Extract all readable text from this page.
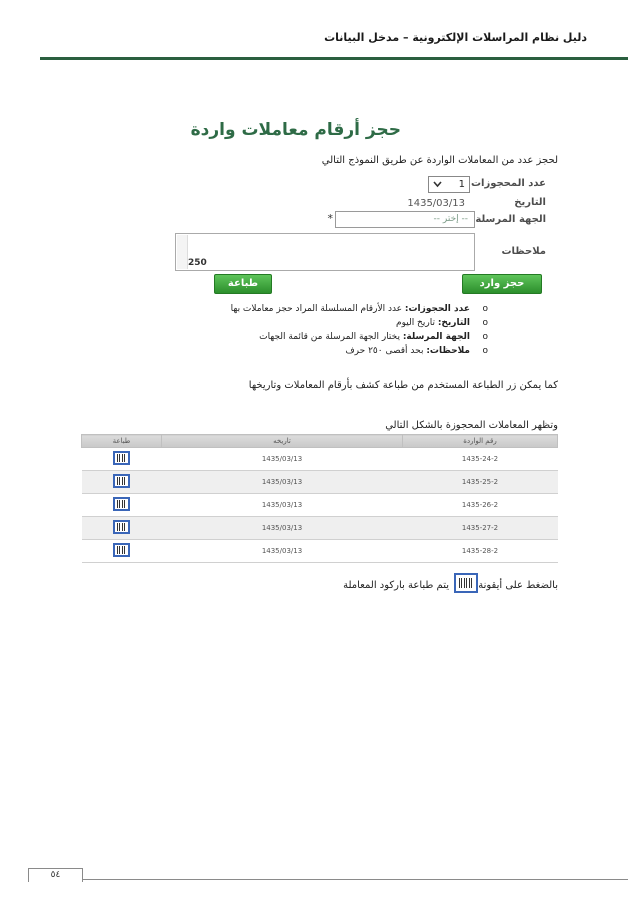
دليل نظام المراسلات الإلكترونية – مدخل البيانات
حجز أرقام معاملات واردة
لحجز عدد من المعاملات الواردة عن طريق النموذج التالي
عدد المحجوزات
1
التاريخ
1435/03/13
الجهة المرسلة
-- إختر --
*
ملاحظات
250
حجز وارد
طباعة
o
عدد الحجوزات: عدد الأرقام المسلسلة المراد حجز معاملات بها
o
التاريخ: تاريخ اليوم
o
الجهة المرسلة: يختار الجهة المرسلة من قائمة الجهات
o
ملاحظات: بحد أقصى ٢٥٠ حرف
كما يمكن زر الطباعة المستخدم من طباعة كشف بأرقام المعاملات وتاريخها
وتظهر المعاملات المحجوزة بالشكل التالي
طباعة	تاريخه	رقم الواردة

	1435/03/13	1435-24-2

	1435/03/13	1435-25-2

	1435/03/13	1435-26-2

	1435/03/13	1435-27-2

	1435/03/13	1435-28-2
بالضغط على أيقونة
يتم طباعة باركود المعاملة
٥٤
